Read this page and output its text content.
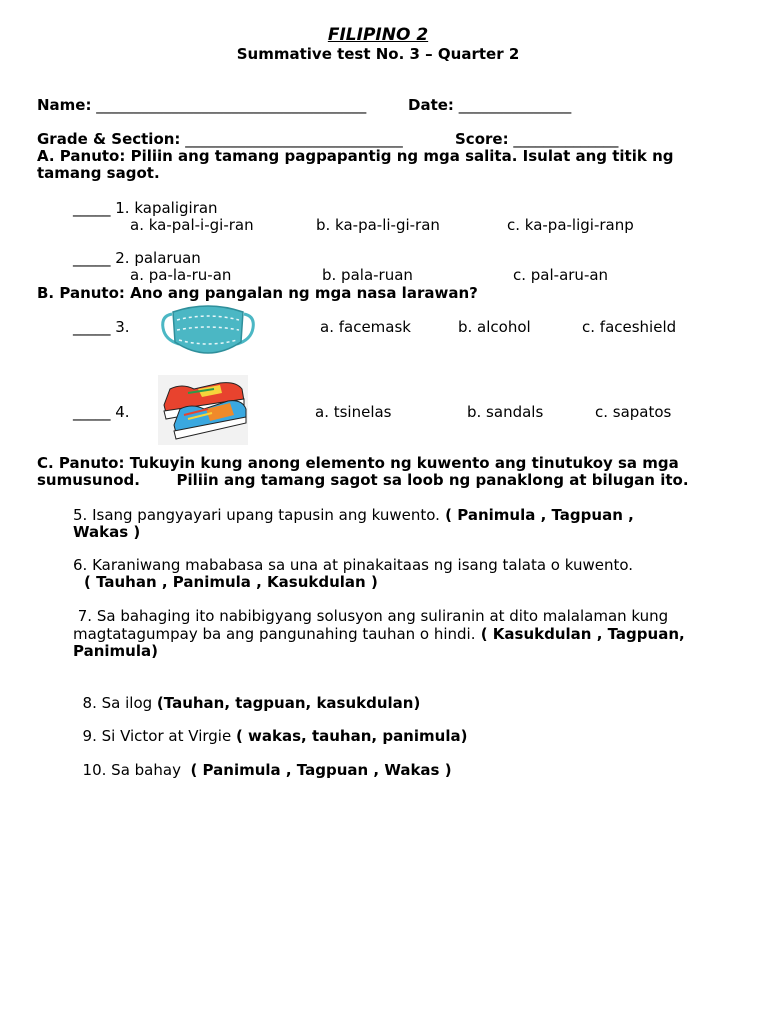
FILIPINO 2
Summative test No. 3 – Quarter 2
Name: ____________________________________	Date: _______________
Grade & Section: _____________________________	Score: ______________
A. Panuto: Piliin ang tamang pagpapantig ng mga salita. Isulat ang titik ng
tamang sagot.
_____ 1. kapaligiran
a. ka-pal-i-gi-ran	b. ka-pa-li-gi-ran	c. ka-pa-ligi-ranp
_____ 2. palaruan
a. pa-la-ru-an	b. pala-ruan	c. pal-aru-an
B. Panuto: Ano ang pangalan ng mga nasa larawan?
_____ 3.	a. facemask	b. alcohol	c. faceshield
_____ 4.	a. tsinelas	b. sandals	c. sapatos
C. Panuto: Tukuyin kung anong elemento ng kuwento ang tinutukoy sa mga
sumusunod.       Piliin ang tamang sagot sa loob ng panaklong at bilugan ito.
5. Isang pangyayari upang tapusin ang kuwento. ( Panimula , Tagpuan ,
Wakas )
6. Karaniwang mababasa sa una at pinakaitaas ng isang talata o kuwento.
( Tauhan , Panimula , Kasukdulan )
7. Sa bahaging ito nabibigyang solusyon ang suliranin at dito malalaman kung
magtatagumpay ba ang pangunahing tauhan o hindi. ( Kasukdulan , Tagpuan,
Panimula)

8. Sa ilog (Tauhan, tagpuan, kasukdulan)

9. Si Victor at Virgie ( wakas, tauhan, panimula)

10. Sa bahay  ( Panimula , Tagpuan , Wakas )
